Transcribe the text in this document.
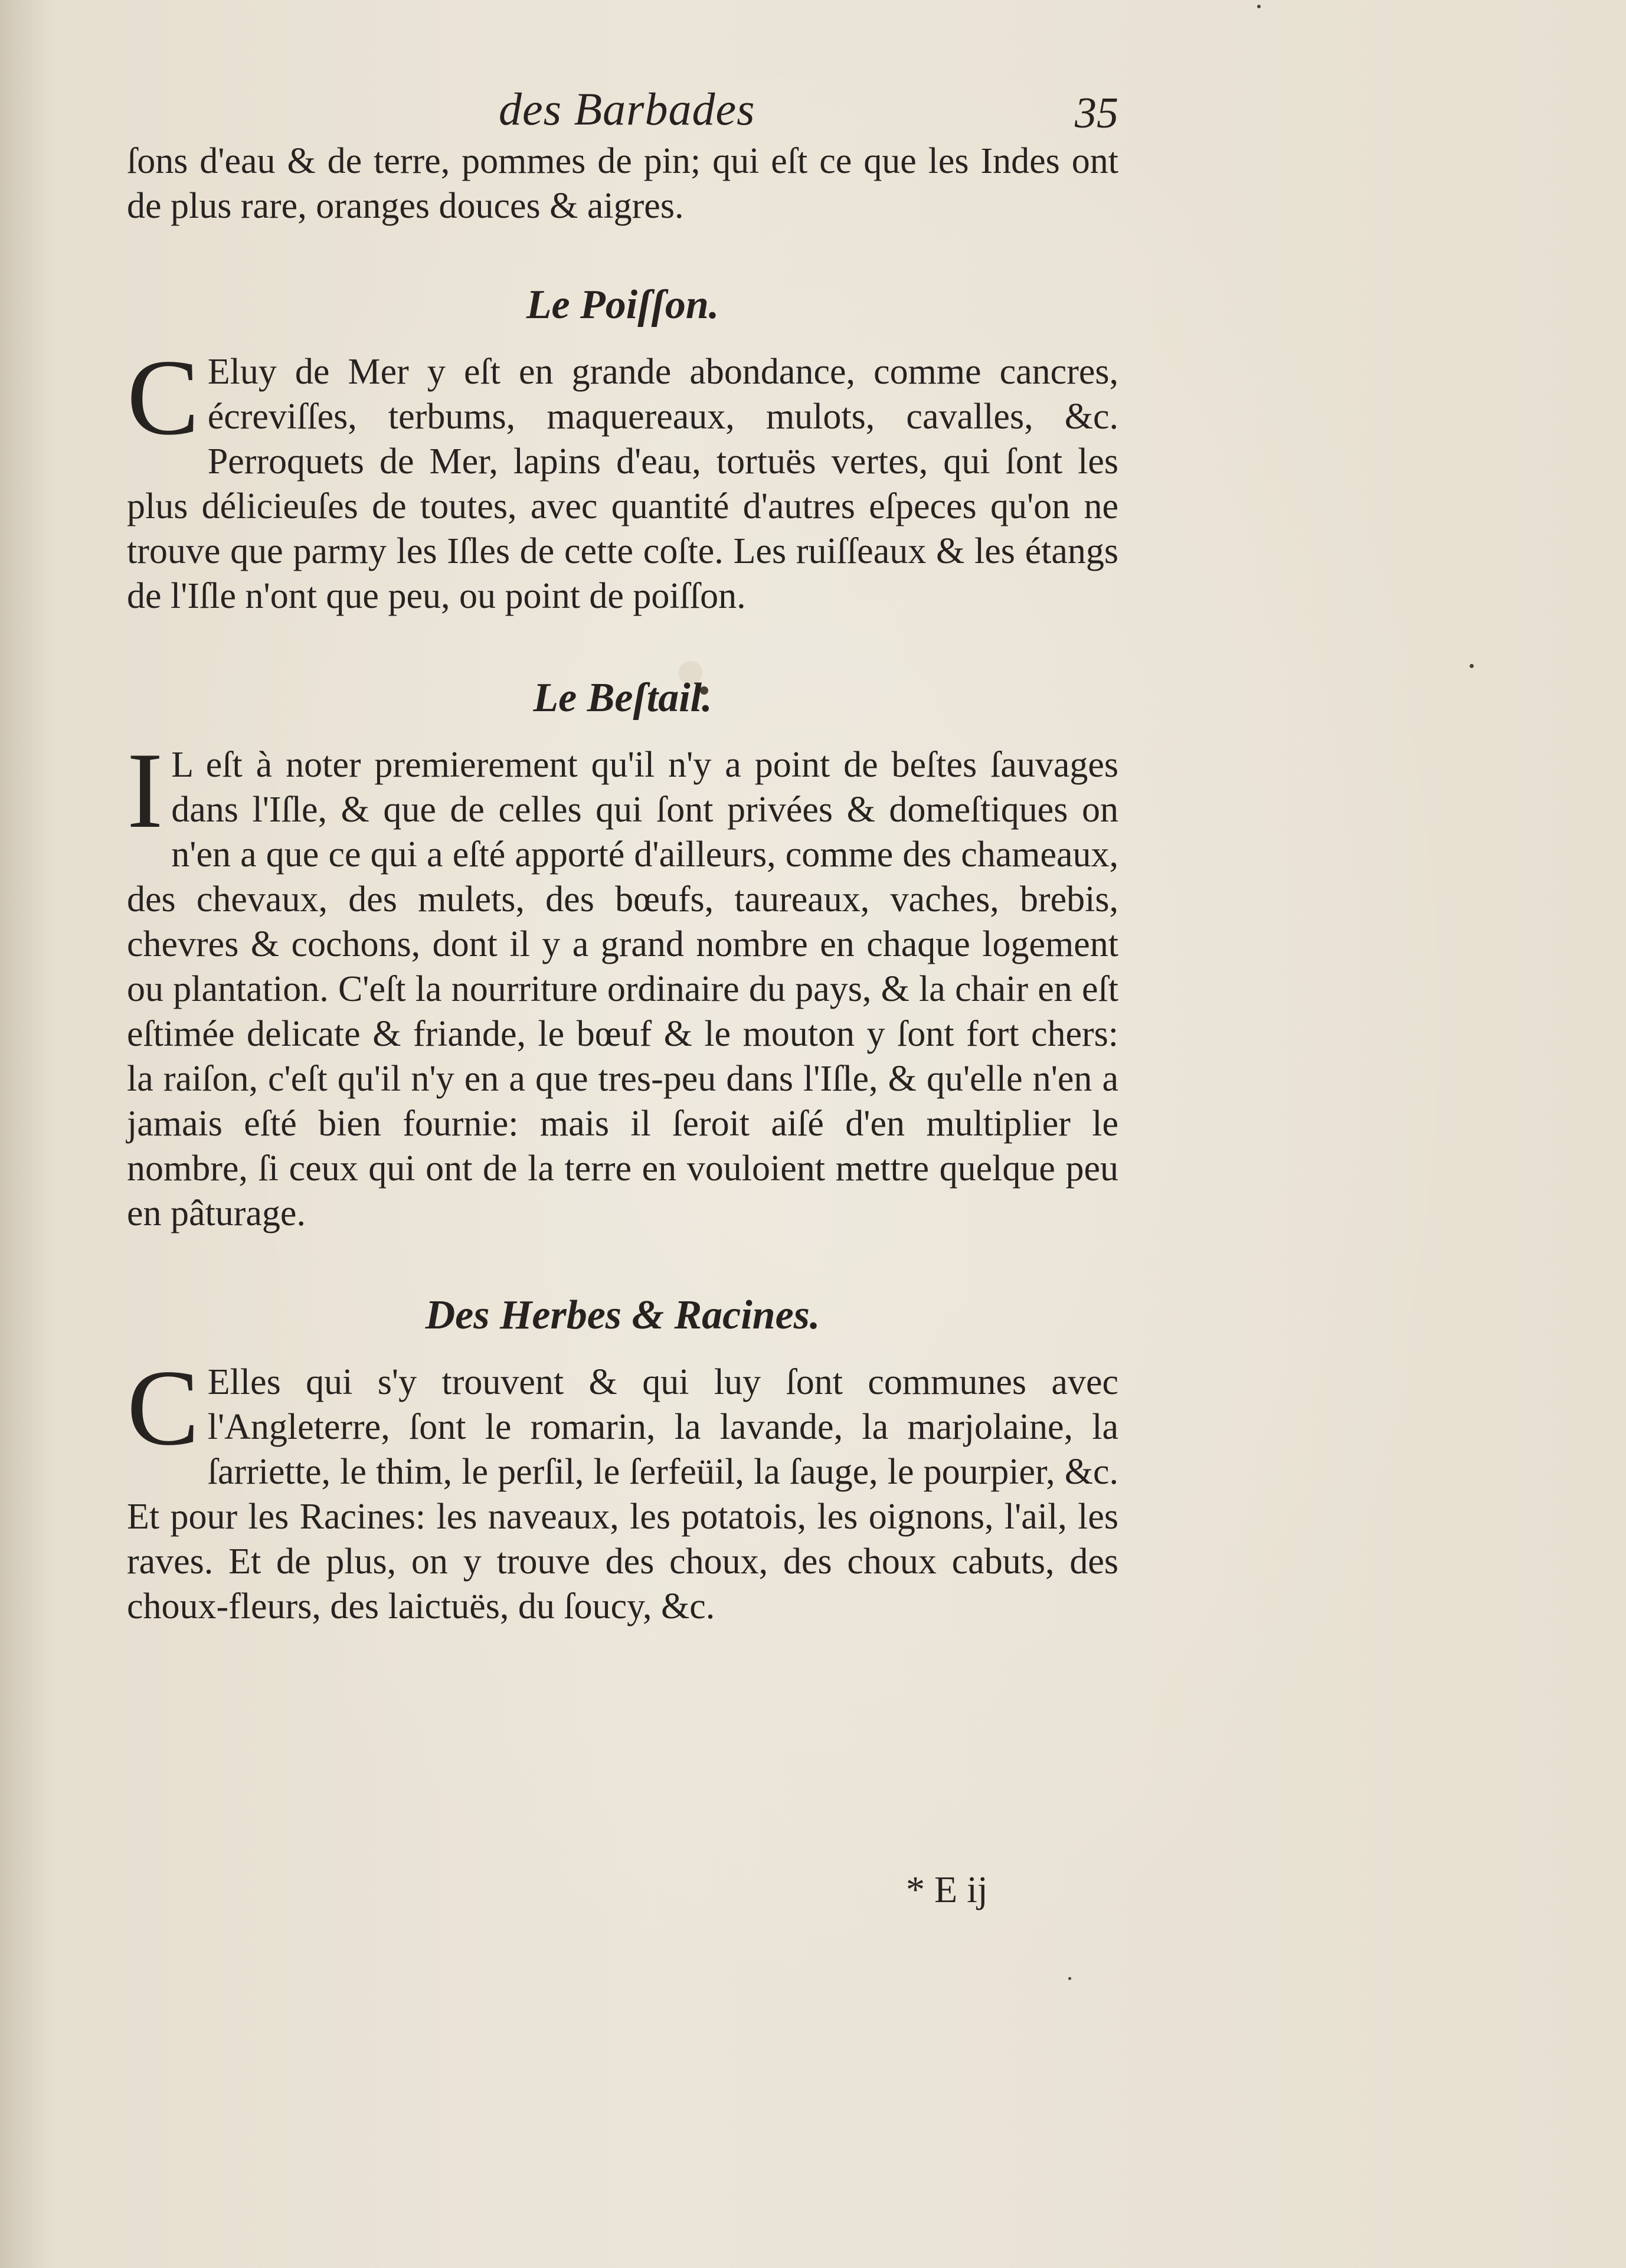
des Barbades	35

ſons d'eau & de terre, pommes de pin; qui eſt ce que les Indes ont de plus rare, oranges douces & aigres.

Le Poiſſon.
C Eluy de Mer y eſt en grande abondance, comme cancres, écreviſſes, terbums, maquereaux, mulots, cavalles, &c. Perroquets de Mer, lapins d'eau, tortuës vertes, qui ſont les plus délicieuſes de toutes, avec quantité d'autres eſpeces qu'on ne trouve que parmy les Iſles de cette coſte. Les ruiſſeaux & les étangs de l'Iſle n'ont que peu, ou point de poiſſon.

Le Beſtail.
I L eſt à noter premierement qu'il n'y a point de beſtes ſauvages dans l'Iſle, & que de celles qui ſont privées & domeſtiques on n'en a que ce qui a eſté apporté d'ailleurs, comme des chameaux, des chevaux, des mulets, des bœufs, taureaux, vaches, brebis, chevres & cochons, dont il y a grand nombre en chaque logement ou plantation. C'eſt la nourriture ordinaire du pays, & la chair en eſt eſtimée delicate & friande, le bœuf & le mouton y ſont fort chers: la raiſon, c'eſt qu'il n'y en a que tres-peu dans l'Iſle, & qu'elle n'en a jamais eſté bien fournie: mais il ſeroit aiſé d'en multiplier le nombre, ſi ceux qui ont de la terre en vouloient mettre quelque peu en pâturage.

Des Herbes & Racines.
C Elles qui s'y trouvent & qui luy ſont communes avec l'Angleterre, ſont le romarin, la lavande, la marjolaine, la ſarriette, le thim, le perſil, le ſerfeüil, la ſauge, le pourpier, &c. Et pour les Racines: les naveaux, les potatois, les oignons, l'ail, les raves. Et de plus, on y trouve des choux, des choux cabuts, des choux-fleurs, des laictuës, du ſoucy, &c.

* E ij
